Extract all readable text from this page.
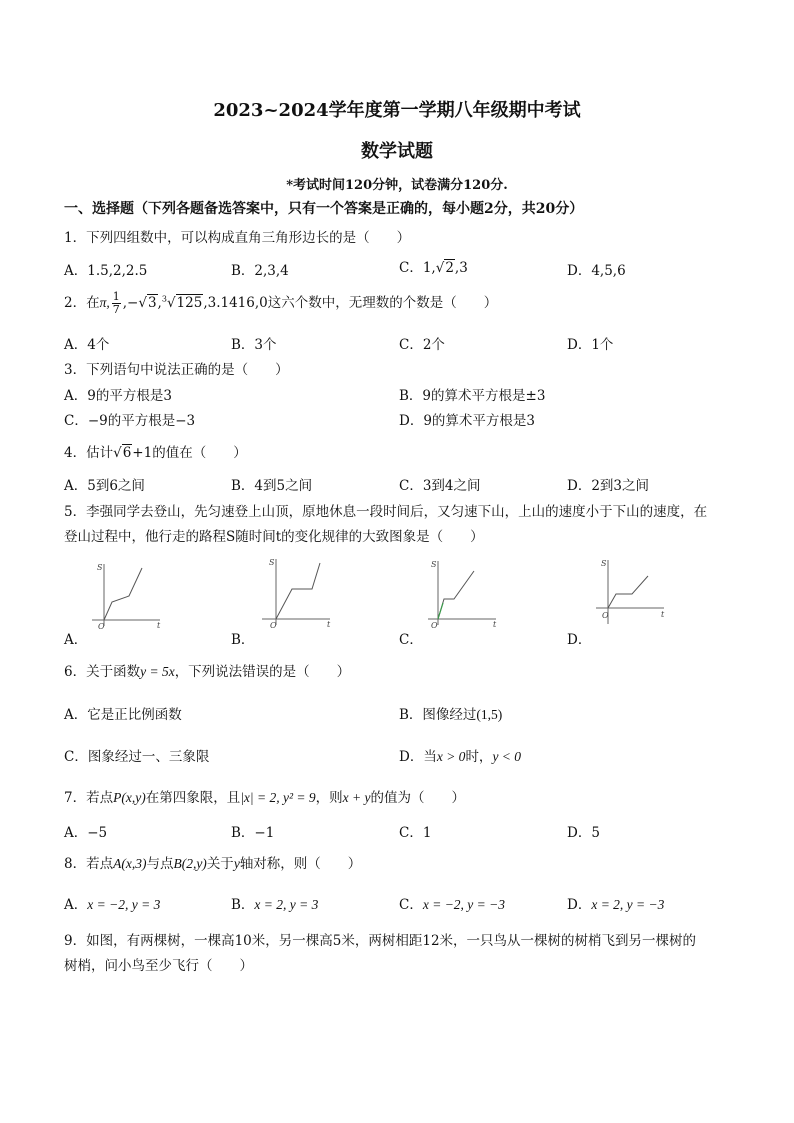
2023~2024学年度第一学期八年级期中考试
数学试题
*考试时间120分钟，试卷满分120分.
一、选择题（下列各题备选答案中，只有一个答案是正确的，每小题2分，共20分）
1．下列四组数中，可以构成直角三角形边长的是（　　）
A．1.5,2,2.5	B．2,3,4	C．1,√2,3	D．4,5,6
2．在π, $\frac{1}{7} ,-√3,^3√125,3.1416,0$这六个数中，无理数的个数是（　　）
A．4个	B．3个	C．2个	D．1个
3．下列语句中说法正确的是（　　）
A．9的平方根是3	B．9的算术平方根是±3
C．−9的平方根是−3	D．9的算术平方根是3
4．估计√6+1的值在（　　）
A．5到6之间	B．4到5之间	C．3到4之间	D．2到3之间
5．李强同学去登山，先匀速登上山顶，原地休息一段时间后，又匀速下山，上山的速度小于下山的速度，在
登山过程中，他行走的路程S随时间t的变化规律的大致图象是（　　）
S
t
O
S
t
O
S
t
O
S
t
O
A．	B．	C．	D．
6．关于函数y = 5x，下列说法错误的是（　　）
A．它是正比例函数	B．图像经过(1,5)
C．图象经过一、三象限	D．当x > 0时，y < 0
7．若点P(x,y)在第四象限，且|x| = 2, y² = 9，则x + y的值为（　　）
A．−5	B．−1	C．1	D．5
8．若点A(x,3)与点B(2,y)关于y轴对称，则（　　）
A．x = −2, y = 3	B．x = 2, y = 3	C．x = −2, y = −3	D．x = 2, y = −3
9．如图，有两棵树，一棵高10米，另一棵高5米，两树相距12米，一只鸟从一棵树的树梢飞到另一棵树的
树梢，问小鸟至少飞行（　　）
